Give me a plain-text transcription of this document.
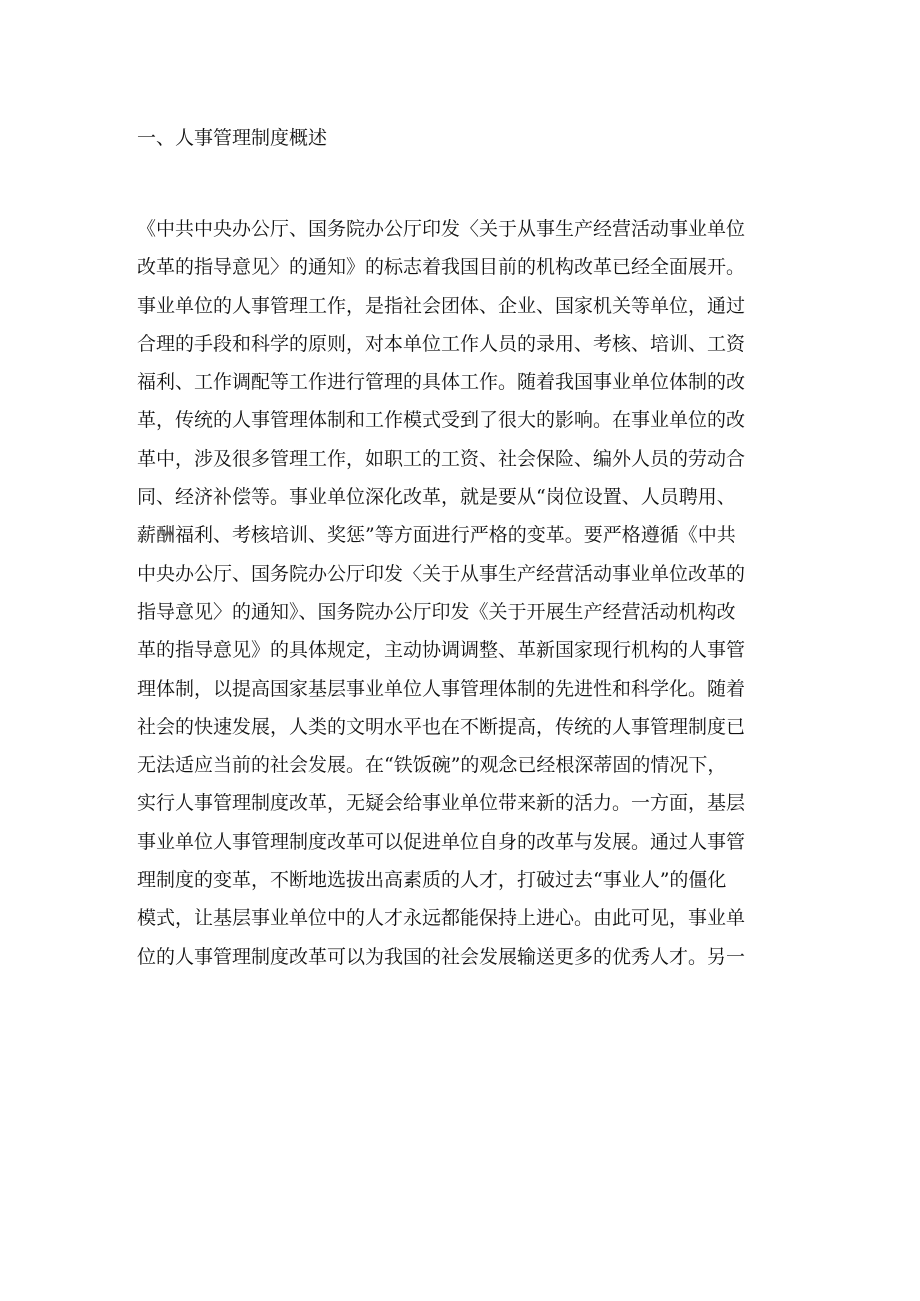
一、人事管理制度概述
《中共中央办公厅、国务院办公厅印发〈关于从事生产经营活动事业单位
改革的指导意见〉的通知》的标志着我国目前的机构改革已经全面展开。
事业单位的人事管理工作，是指社会团体、企业、国家机关等单位，通过
合理的手段和科学的原则，对本单位工作人员的录用、考核、培训、工资
福利、工作调配等工作进行管理的具体工作。随着我国事业单位体制的改
革，传统的人事管理体制和工作模式受到了很大的影响。在事业单位的改
革中，涉及很多管理工作，如职工的工资、社会保险、编外人员的劳动合
同、经济补偿等。事业单位深化改革，就是要从“岗位设置、人员聘用、
薪酬福利、考核培训、奖惩”等方面进行严格的变革。要严格遵循《中共
中央办公厅、国务院办公厅印发〈关于从事生产经营活动事业单位改革的
指导意见〉的通知》、国务院办公厅印发《关于开展生产经营活动机构改
革的指导意见》的具体规定，主动协调调整、革新国家现行机构的人事管
理体制，以提高国家基层事业单位人事管理体制的先进性和科学化。随着
社会的快速发展，人类的文明水平也在不断提高，传统的人事管理制度已
无法适应当前的社会发展。在“铁饭碗”的观念已经根深蒂固的情况下，
实行人事管理制度改革，无疑会给事业单位带来新的活力。一方面，基层
事业单位人事管理制度改革可以促进单位自身的改革与发展。通过人事管
理制度的变革，不断地选拔出高素质的人才，打破过去“事业人”的僵化
模式，让基层事业单位中的人才永远都能保持上进心。由此可见，事业单
位的人事管理制度改革可以为我国的社会发展输送更多的优秀人才。另一
